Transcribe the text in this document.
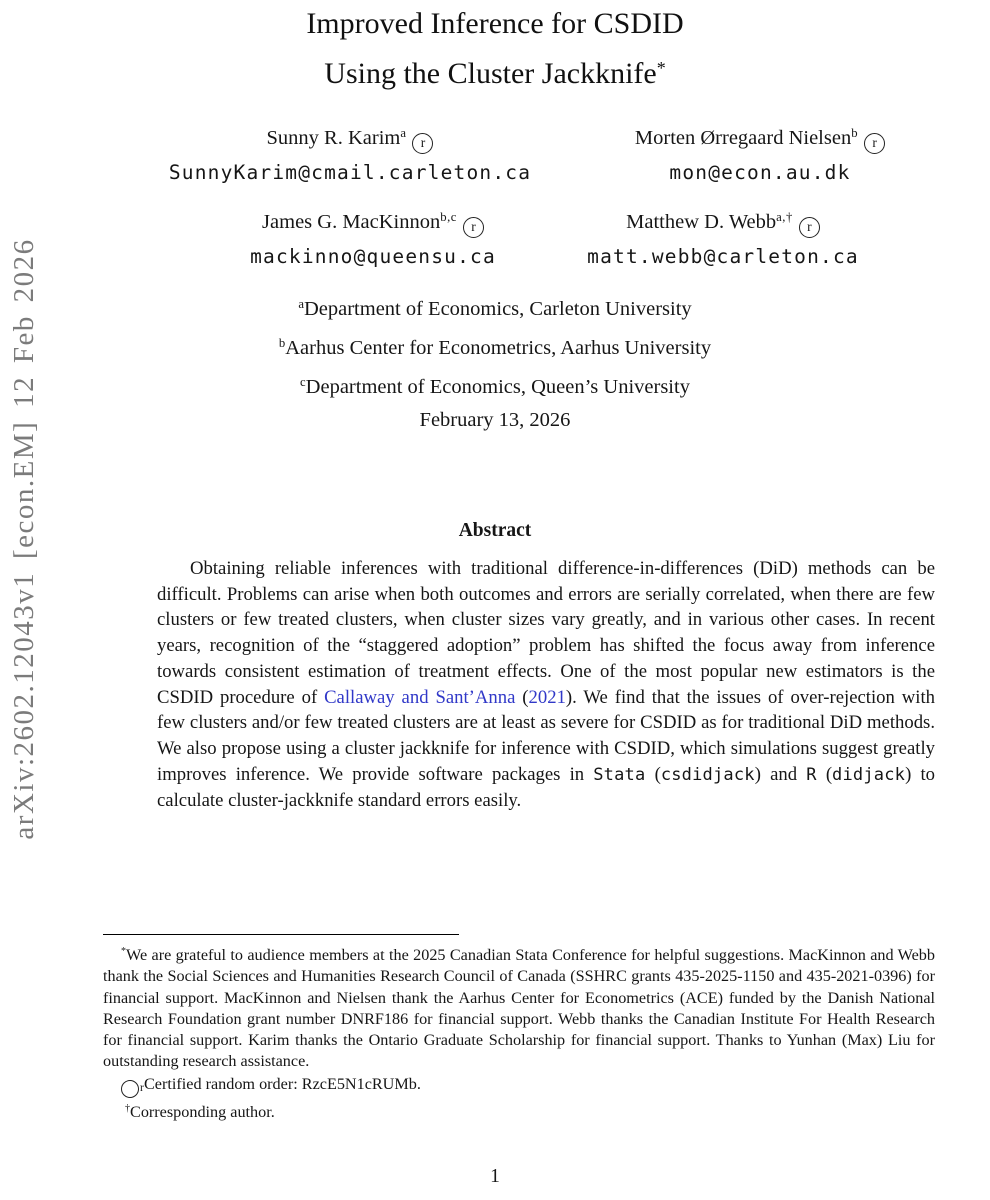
arXiv:2602.12043v1 [econ.EM] 12 Feb 2026
Improved Inference for CSDID
Using the Cluster Jackknife*
Sunny R. Karim$^a$r
SunnyKarim@cmail.carleton.ca
Morten Ørregaard Nielsen$^b$r
mon@econ.au.dk
James G. MacKinnon$^{b,c}$r
mackinno@queensu.ca
Matthew D. Webb$^{a,\dagger}$r
matt.webb@carleton.ca
$^a$Department of Economics, Carleton University
$^b$Aarhus Center for Econometrics, Aarhus University
$^c$Department of Economics, Queen’s University
February 13, 2026
Abstract
Obtaining reliable inferences with traditional difference-in-differences (DiD) methods can be difficult. Problems can arise when both outcomes and errors are serially correlated, when there are few clusters or few treated clusters, when cluster sizes vary greatly, and in various other cases. In recent years, recognition of the “staggered adoption” problem has shifted the focus away from inference towards consistent estimation of treatment effects. One of the most popular new estimators is the CSDID procedure of Callaway and Sant’Anna (2021). We find that the issues of over-rejection with few clusters and/or few treated clusters are at least as severe for CSDID as for traditional DiD methods. We also propose using a cluster jackknife for inference with CSDID, which simulations suggest greatly improves inference. We provide software packages in Stata (csdidjack) and R (didjack) to calculate cluster-jackknife standard errors easily.
*We are grateful to audience members at the 2025 Canadian Stata Conference for helpful suggestions. MacKinnon and Webb thank the Social Sciences and Humanities Research Council of Canada (SSHRC grants 435-2025-1150 and 435-2021-0396) for financial support. MacKinnon and Nielsen thank the Aarhus Center for Econometrics (ACE) funded by the Danish National Research Foundation grant number DNRF186 for financial support. Webb thanks the Canadian Institute For Health Research for financial support. Karim thanks the Ontario Graduate Scholarship for financial support. Thanks to Yunhan (Max) Liu for outstanding research assistance.
rCertified random order: RzcE5N1cRUMb.
†Corresponding author.
1
